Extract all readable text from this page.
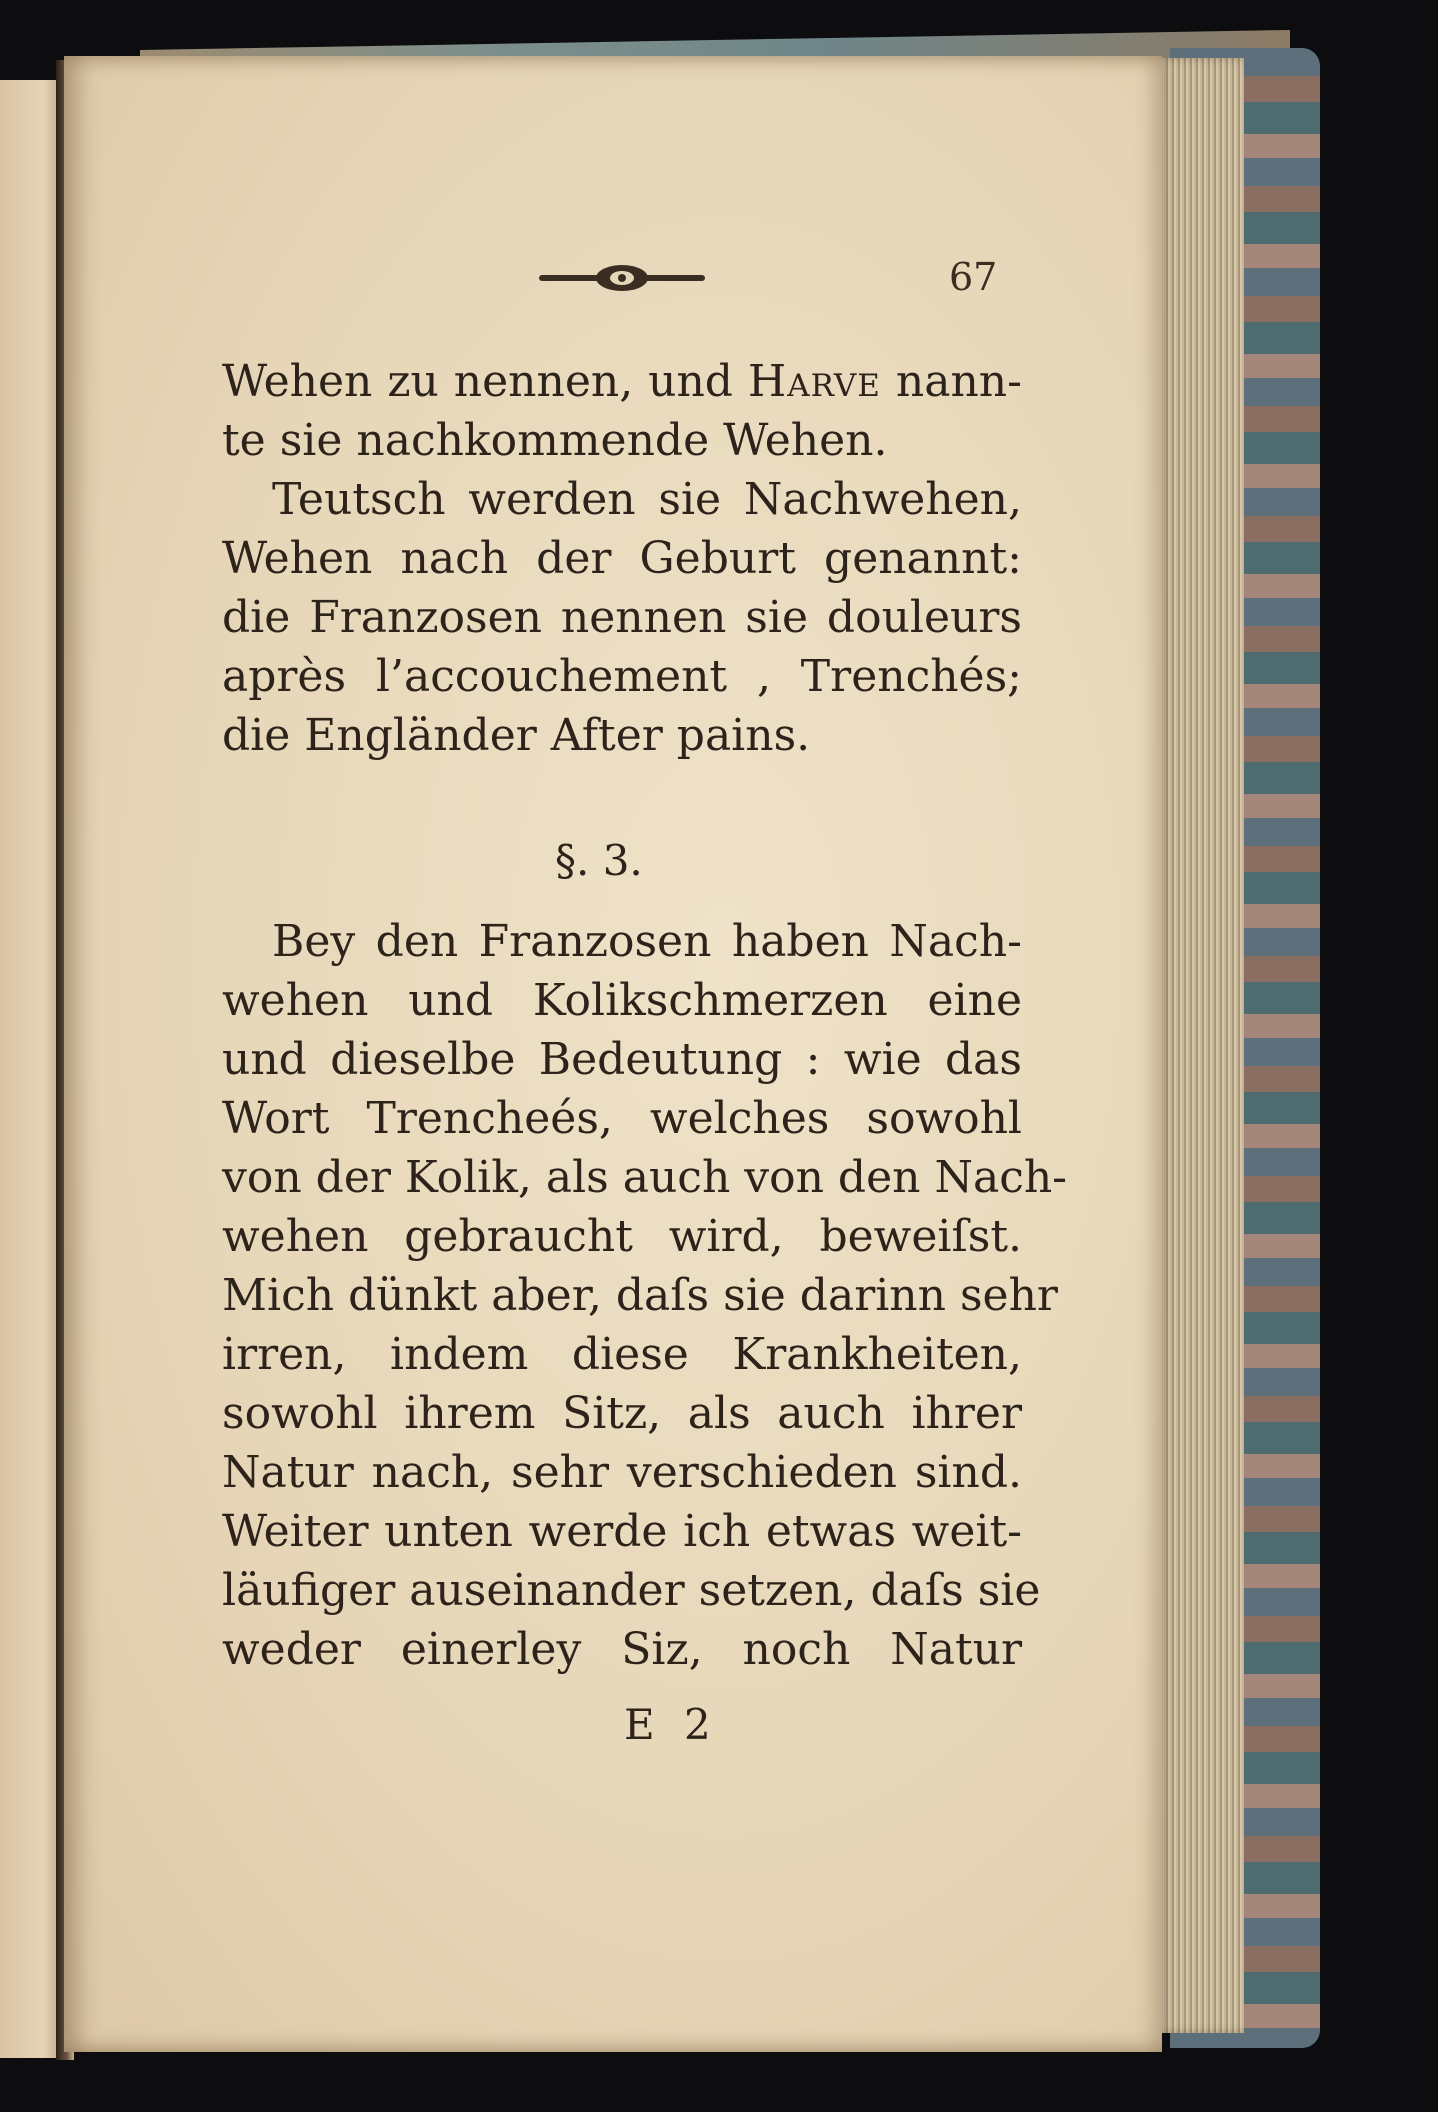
67
Wehen zu nennen, und Harve nann-
te sie nachkommende Wehen.
Teutsch werden sie Nachwehen,
Wehen nach der Geburt genannt:
die Franzosen nennen sie douleurs
après l’accouchement , Trenchés;
die Engländer After pains.
§. 3.
Bey den Franzosen haben Nach-
wehen und Kolikschmerzen eine
und dieselbe Bedeutung : wie das
Wort Trencheés, welches sowohl
von der Kolik, als auch von den Nach-
wehen gebraucht wird, beweiſst.
Mich dünkt aber, daſs sie darinn sehr
irren, indem diese Krankheiten,
sowohl ihrem Sitz, als auch ihrer
Natur nach, sehr verschieden sind.
Weiter unten werde ich etwas weit-
läufiger auseinander setzen, daſs sie
weder einerley Siz, noch Natur
E 2
